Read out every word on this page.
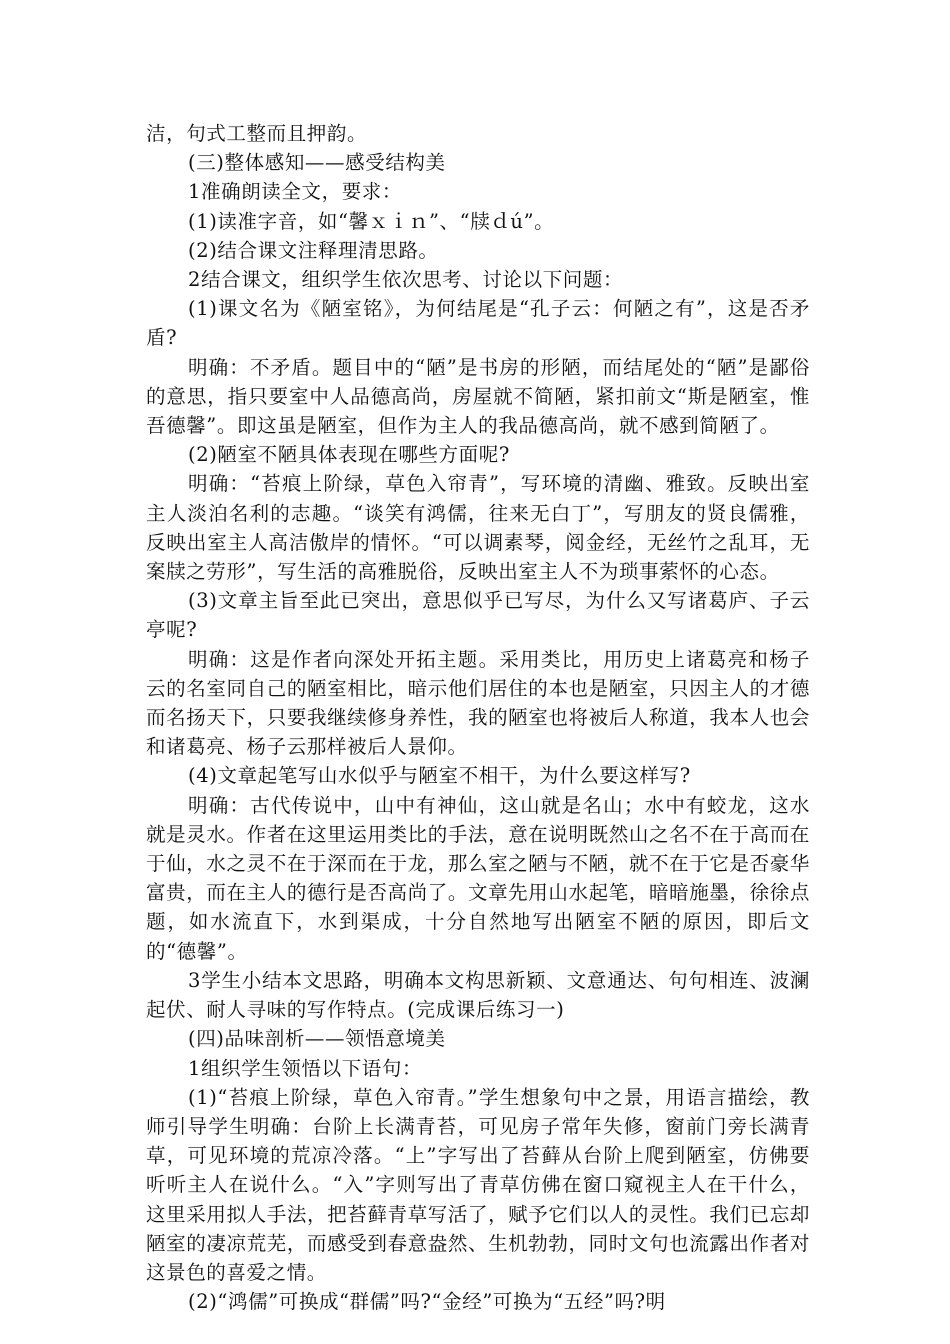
洁，句式工整而且押韵。

(三)整体感知——感受结构美

1准确朗读全文，要求：

(1)读准字音，如“馨ｘｉｎ”、“牍ｄú”。

(2)结合课文注释理清思路。

2结合课文，组织学生依次思考、讨论以下问题：

(1)课文名为《陋室铭》，为何结尾是“孔子云：何陋之有”，这是否矛盾?

明确：不矛盾。题目中的“陋”是书房的形陋，而结尾处的“陋”是鄙俗的意思，指只要室中人品德高尚，房屋就不简陋，紧扣前文“斯是陋室，惟吾德馨”。即这虽是陋室，但作为主人的我品德高尚，就不感到简陋了。

(2)陋室不陋具体表现在哪些方面呢?

明确：“苔痕上阶绿，草色入帘青”，写环境的清幽、雅致。反映出室主人淡泊名利的志趣。“谈笑有鸿儒，往来无白丁”，写朋友的贤良儒雅，反映出室主人高洁傲岸的情怀。“可以调素琴，阅金经，无丝竹之乱耳，无案牍之劳形”，写生活的高雅脱俗，反映出室主人不为琐事萦怀的心态。

(3)文章主旨至此已突出，意思似乎已写尽，为什么又写诸葛庐、子云亭呢?

明确：这是作者向深处开拓主题。采用类比，用历史上诸葛亮和杨子云的名室同自己的陋室相比，暗示他们居住的本也是陋室，只因主人的才德而名扬天下，只要我继续修身养性，我的陋室也将被后人称道，我本人也会和诸葛亮、杨子云那样被后人景仰。

(4)文章起笔写山水似乎与陋室不相干，为什么要这样写?

明确：古代传说中，山中有神仙，这山就是名山；水中有蛟龙，这水就是灵水。作者在这里运用类比的手法，意在说明既然山之名不在于高而在于仙，水之灵不在于深而在于龙，那么室之陋与不陋，就不在于它是否豪华富贵，而在主人的德行是否高尚了。文章先用山水起笔，暗暗施墨，徐徐点题，如水流直下，水到渠成，十分自然地写出陋室不陋的原因，即后文的“德馨”。

3学生小结本文思路，明确本文构思新颖、文意通达、句句相连、波澜起伏、耐人寻味的写作特点。(完成课后练习一)

(四)品味剖析——领悟意境美

1组织学生领悟以下语句：

(1)“苔痕上阶绿，草色入帘青。”学生想象句中之景，用语言描绘，教师引导学生明确：台阶上长满青苔，可见房子常年失修，窗前门旁长满青草，可见环境的荒凉冷落。“上”字写出了苔藓从台阶上爬到陋室，仿佛要听听主人在说什么。“入”字则写出了青草仿佛在窗口窥视主人在干什么，这里采用拟人手法，把苔藓青草写活了，赋予它们以人的灵性。我们已忘却陋室的凄凉荒芜，而感受到春意盎然、生机勃勃，同时文句也流露出作者对这景色的喜爱之情。

(2)“鸿儒”可换成“群儒”吗?“金经”可换为“五经”吗?明
